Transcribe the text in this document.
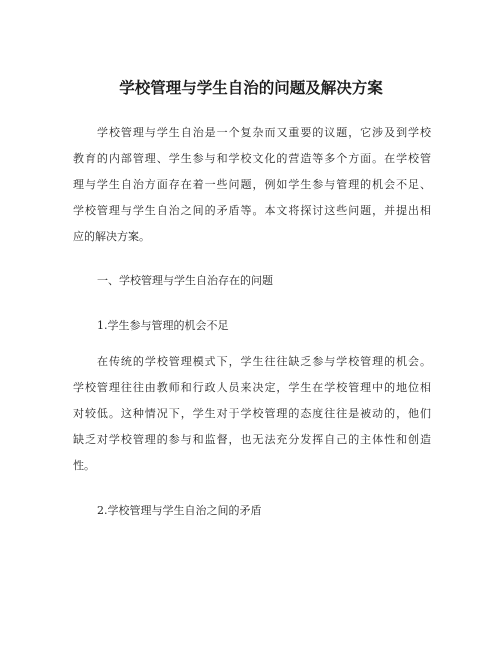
学校管理与学生自治的问题及解决方案
学校管理与学生自治是一个复杂而又重要的议题，它涉及到学校
教育的内部管理、学生参与和学校文化的营造等多个方面。在学校管
理与学生自治方面存在着一些问题，例如学生参与管理的机会不足、
学校管理与学生自治之间的矛盾等。本文将探讨这些问题，并提出相
应的解决方案。
一、学校管理与学生自治存在的问题
1.学生参与管理的机会不足
在传统的学校管理模式下，学生往往缺乏参与学校管理的机会。
学校管理往往由教师和行政人员来决定，学生在学校管理中的地位相
对较低。这种情况下，学生对于学校管理的态度往往是被动的，他们
缺乏对学校管理的参与和监督，也无法充分发挥自己的主体性和创造
性。
2.学校管理与学生自治之间的矛盾
